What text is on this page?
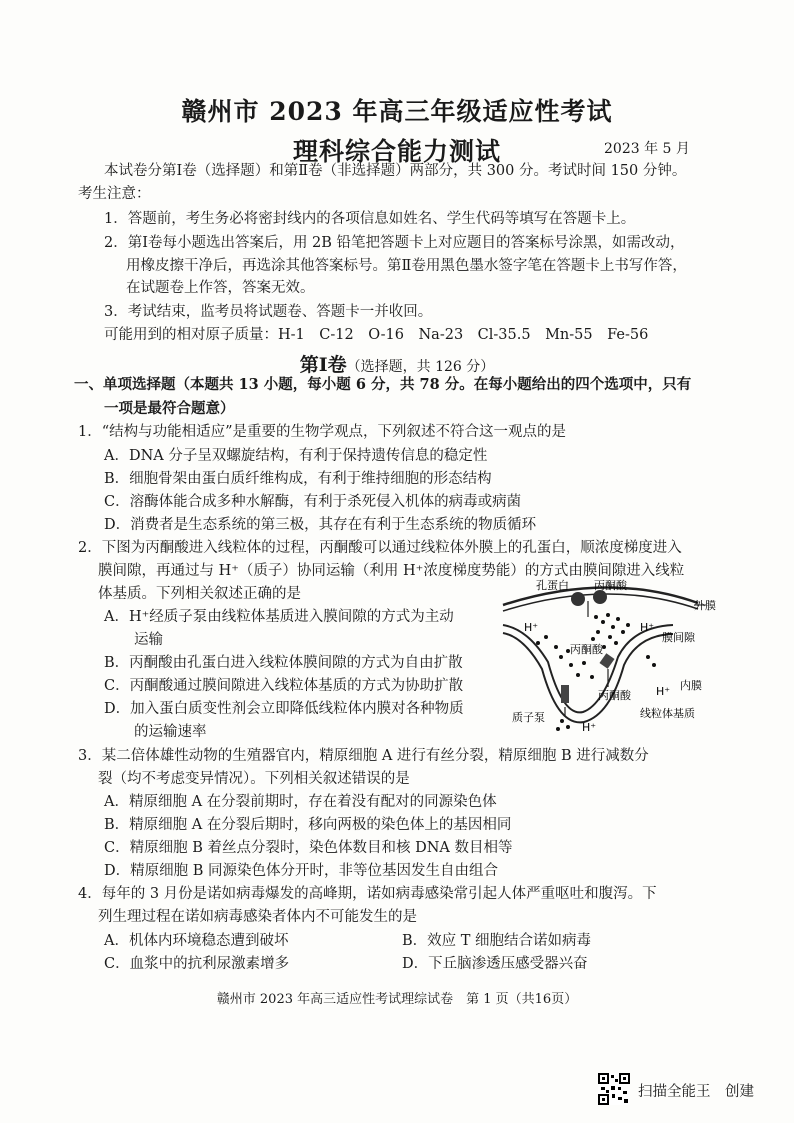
赣州市 2023 年高三年级适应性考试
理科综合能力测试	2023 年 5 月
本试卷分第Ⅰ卷（选择题）和第Ⅱ卷（非选择题）两部分，共 300 分。考试时间 150 分钟。
考生注意：
1．答题前，考生务必将密封线内的各项信息如姓名、学生代码等填写在答题卡上。
2．第Ⅰ卷每小题选出答案后，用 2B 铅笔把答题卡上对应题目的答案标号涂黑，如需改动，
用橡皮擦干净后，再选涂其他答案标号。第Ⅱ卷用黑色墨水签字笔在答题卡上书写作答，
在试题卷上作答，答案无效。
3．考试结束，监考员将试题卷、答题卡一并收回。
可能用到的相对原子质量：H-1　C-12　O-16　Na-23　Cl-35.5　Mn-55　Fe-56
第Ⅰ卷（选择题，共 126 分）
一、单项选择题（本题共 13 小题，每小题 6 分，共 78 分。在每小题给出的四个选项中，只有
一项是最符合题意）
1．“结构与功能相适应”是重要的生物学观点，下列叙述不符合这一观点的是
A．DNA 分子呈双螺旋结构，有利于保持遗传信息的稳定性
B．细胞骨架由蛋白质纤维构成，有利于维持细胞的形态结构
C．溶酶体能合成多种水解酶，有利于杀死侵入机体的病毒或病菌
D．消费者是生态系统的第三极，其存在有利于生态系统的物质循环
2．下图为丙酮酸进入线粒体的过程，丙酮酸可以通过线粒体外膜上的孔蛋白，顺浓度梯度进入
膜间隙，再通过与 H⁺（质子）协同运输（利用 H⁺浓度梯度势能）的方式由膜间隙进入线粒
体基质。下列相关叙述正确的是
A．H⁺经质子泵由线粒体基质进入膜间隙的方式为主动
运输
B．丙酮酸由孔蛋白进入线粒体膜间隙的方式为自由扩散
C．丙酮酸通过膜间隙进入线粒体基质的方式为协助扩散
D．加入蛋白质变性剂会立即降低线粒体内膜对各种物质
的运输速率
孔蛋白 丙酮酸
外膜
膜间隙
H⁺	H⁺
丙酮酸
内膜
H⁺
丙酮酸
线粒体基质
质子泵
H⁺
3．某二倍体雄性动物的生殖器官内，精原细胞 A 进行有丝分裂，精原细胞 B 进行减数分
裂（均不考虑变异情况）。下列相关叙述错误的是
A．精原细胞 A 在分裂前期时，存在着没有配对的同源染色体
B．精原细胞 A 在分裂后期时，移向两极的染色体上的基因相同
C．精原细胞 B 着丝点分裂时，染色体数目和核 DNA 数目相等
D．精原细胞 B 同源染色体分开时，非等位基因发生自由组合
4．每年的 3 月份是诺如病毒爆发的高峰期，诺如病毒感染常引起人体严重呕吐和腹泻。下
列生理过程在诺如病毒感染者体内不可能发生的是
A．机体内环境稳态遭到破坏	B．效应 T 细胞结合诺如病毒
C．血浆中的抗利尿激素增多	D．下丘脑渗透压感受器兴奋
赣州市 2023 年高三适应性考试理综试卷　第 1 页（共16页）
扫描全能王　创建
